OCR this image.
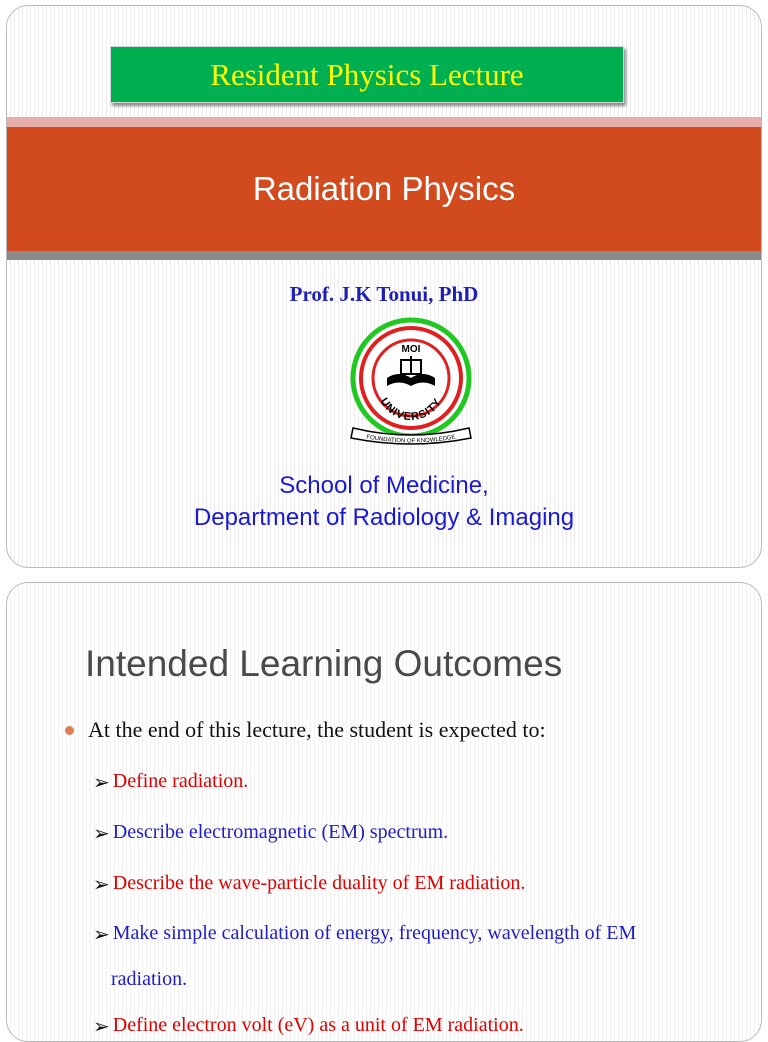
Resident Physics Lecture
Radiation Physics
Prof. J.K Tonui, PhD
MOI
UNIVERSITY
FOUNDATION OF KNOWLEDGE
School of Medicine,
Department of Radiology & Imaging
Intended Learning Outcomes
At the end of this lecture, the student is expected to:
➢ Define radiation.
➢ Describe electromagnetic (EM) spectrum.
➢ Describe the wave-particle duality of EM radiation.
➢ Make simple calculation of energy, frequency, wavelength of EM
radiation.
➢ Define electron volt (eV) as a unit of EM radiation.
